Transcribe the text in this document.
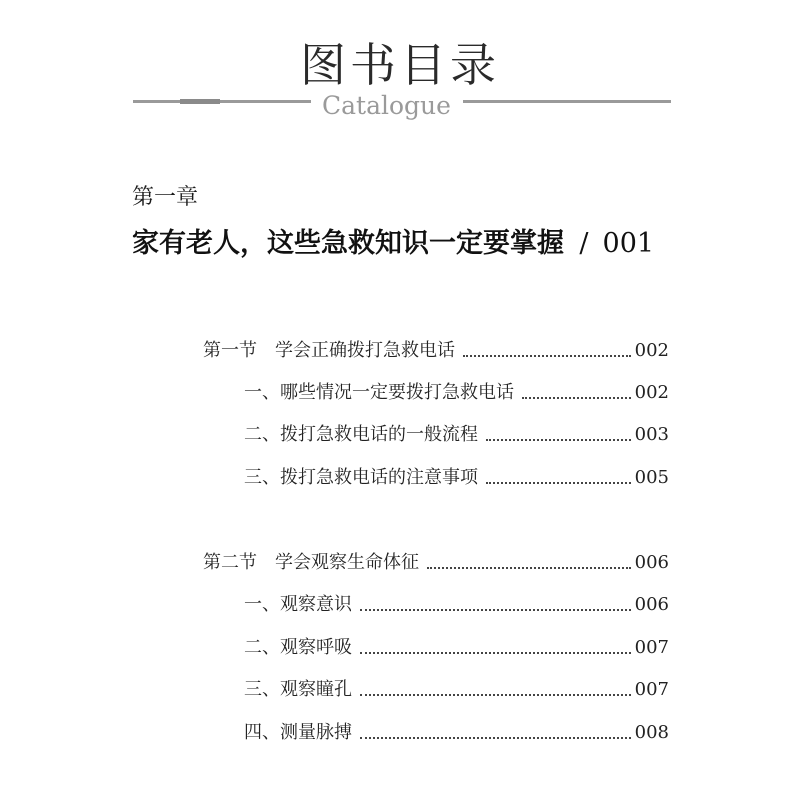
图书目录
Catalogue
第一章
家有老人，这些急救知识一定要掌握 / 001
第一节 学会正确拨打急救电话	002
一、哪些情况一定要拨打急救电话	002
二、拨打急救电话的一般流程	003
三、拨打急救电话的注意事项	005
第二节 学会观察生命体征	006
一、观察意识	006
二、观察呼吸	007
三、观察瞳孔	007
四、测量脉搏	008
